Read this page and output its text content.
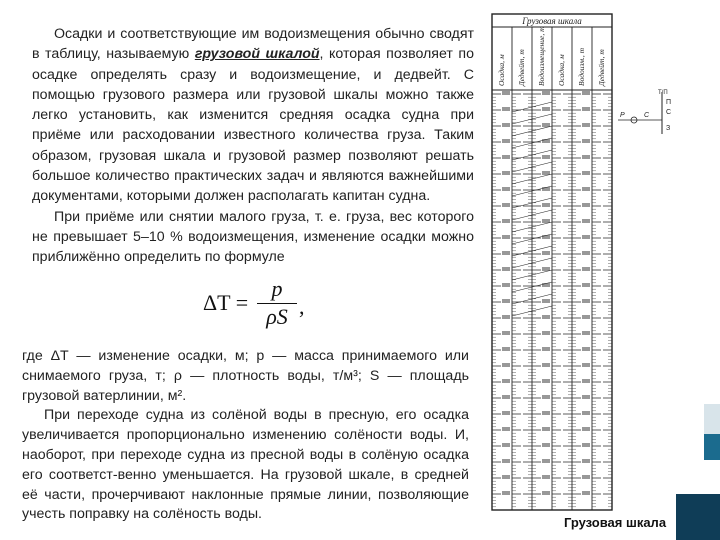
Осадки и соответствующие им водоизмещения обычно сводят в таблицу, называемую грузовой шкалой, которая позволяет по осадке определять сразу и водоизмещение, и дедвейт. С помощью грузового размера или грузовой шкалы можно также легко установить, как изменится средняя осадка судна при приёме или расходовании известного количества груза. Таким образом, грузовая шкала и грузовой размер позволяют решать большое количество практических задач и являются важнейшими документами, которыми должен располагать капитан судна.

При приёме или снятии малого груза, т. е. груза, вес которого не превышает 5–10 % водоизмещения, изменение осадки можно приближённо определить по формуле

$\Delta T = \frac{p}{\rho S}$ ,

где ΔT — изменение осадки, м; p — масса принимаемого или снимаемого груза, т; ρ — плотность воды, т/м³; S — площадь грузовой ватерлинии, м².

При переходе судна из солёной воды в пресную, его осадка увеличивается пропорционально изменению солёности воды. И, наоборот, при переходе судна из пресной воды в солёную осадка его соответст-венно уменьшается. На грузовой шкале, в средней её части, прочерчивают наклонные прямые линии, позволяющие учесть поправку на солёность воды.

Грузовая шкала
Осадка, м Дедвейт, т Водоизмещение, т Осадка, м Водоизм., т Дедвейт, т
Т/П
П
С
З
P	C
Грузовая шкала
